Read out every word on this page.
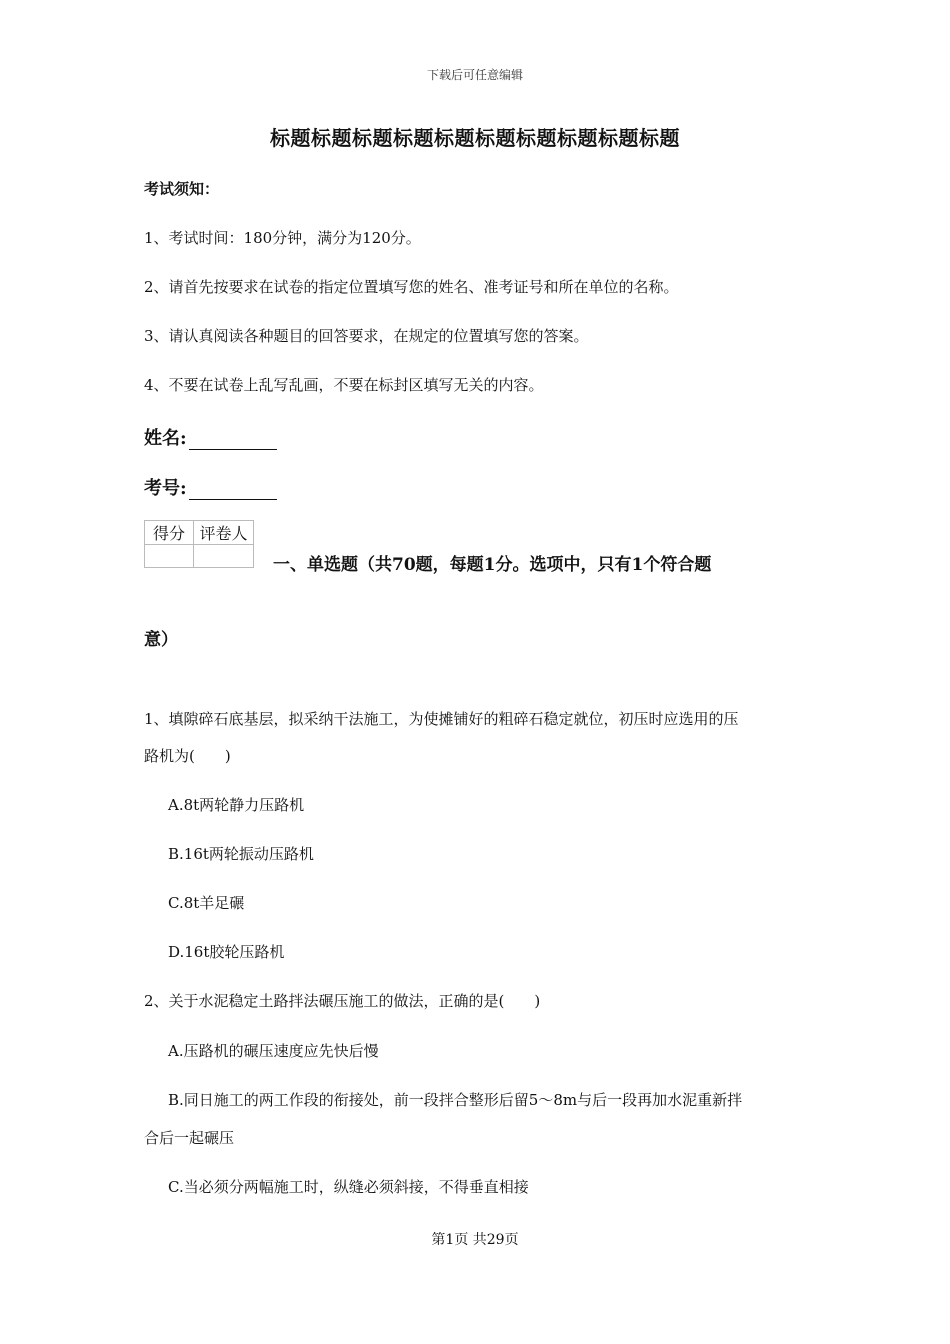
下载后可任意编辑
标题标题标题标题标题标题标题标题标题标题
考试须知：
1、考试时间：180分钟，满分为120分。
2、请首先按要求在试卷的指定位置填写您的姓名、准考证号和所在单位的名称。
3、请认真阅读各种题目的回答要求，在规定的位置填写您的答案。
4、不要在试卷上乱写乱画，不要在标封区填写无关的内容。
姓名:
考号:
得分	评卷人

一、单选题（共70题，每题1分。选项中，只有1个符合题
意）
1、填隙碎石底基层，拟采纳干法施工，为使摊铺好的粗碎石稳定就位，初压时应选用的压
路机为(　　)
A.8t两轮静力压路机
B.16t两轮振动压路机
C.8t羊足碾
D.16t胶轮压路机
2、关于水泥稳定土路拌法碾压施工的做法，正确的是(　　)
A.压路机的碾压速度应先快后慢
B.同日施工的两工作段的衔接处，前一段拌合整形后留5～8m与后一段再加水泥重新拌
合后一起碾压
C.当必须分两幅施工时，纵缝必须斜接，不得垂直相接
第1页 共29页
